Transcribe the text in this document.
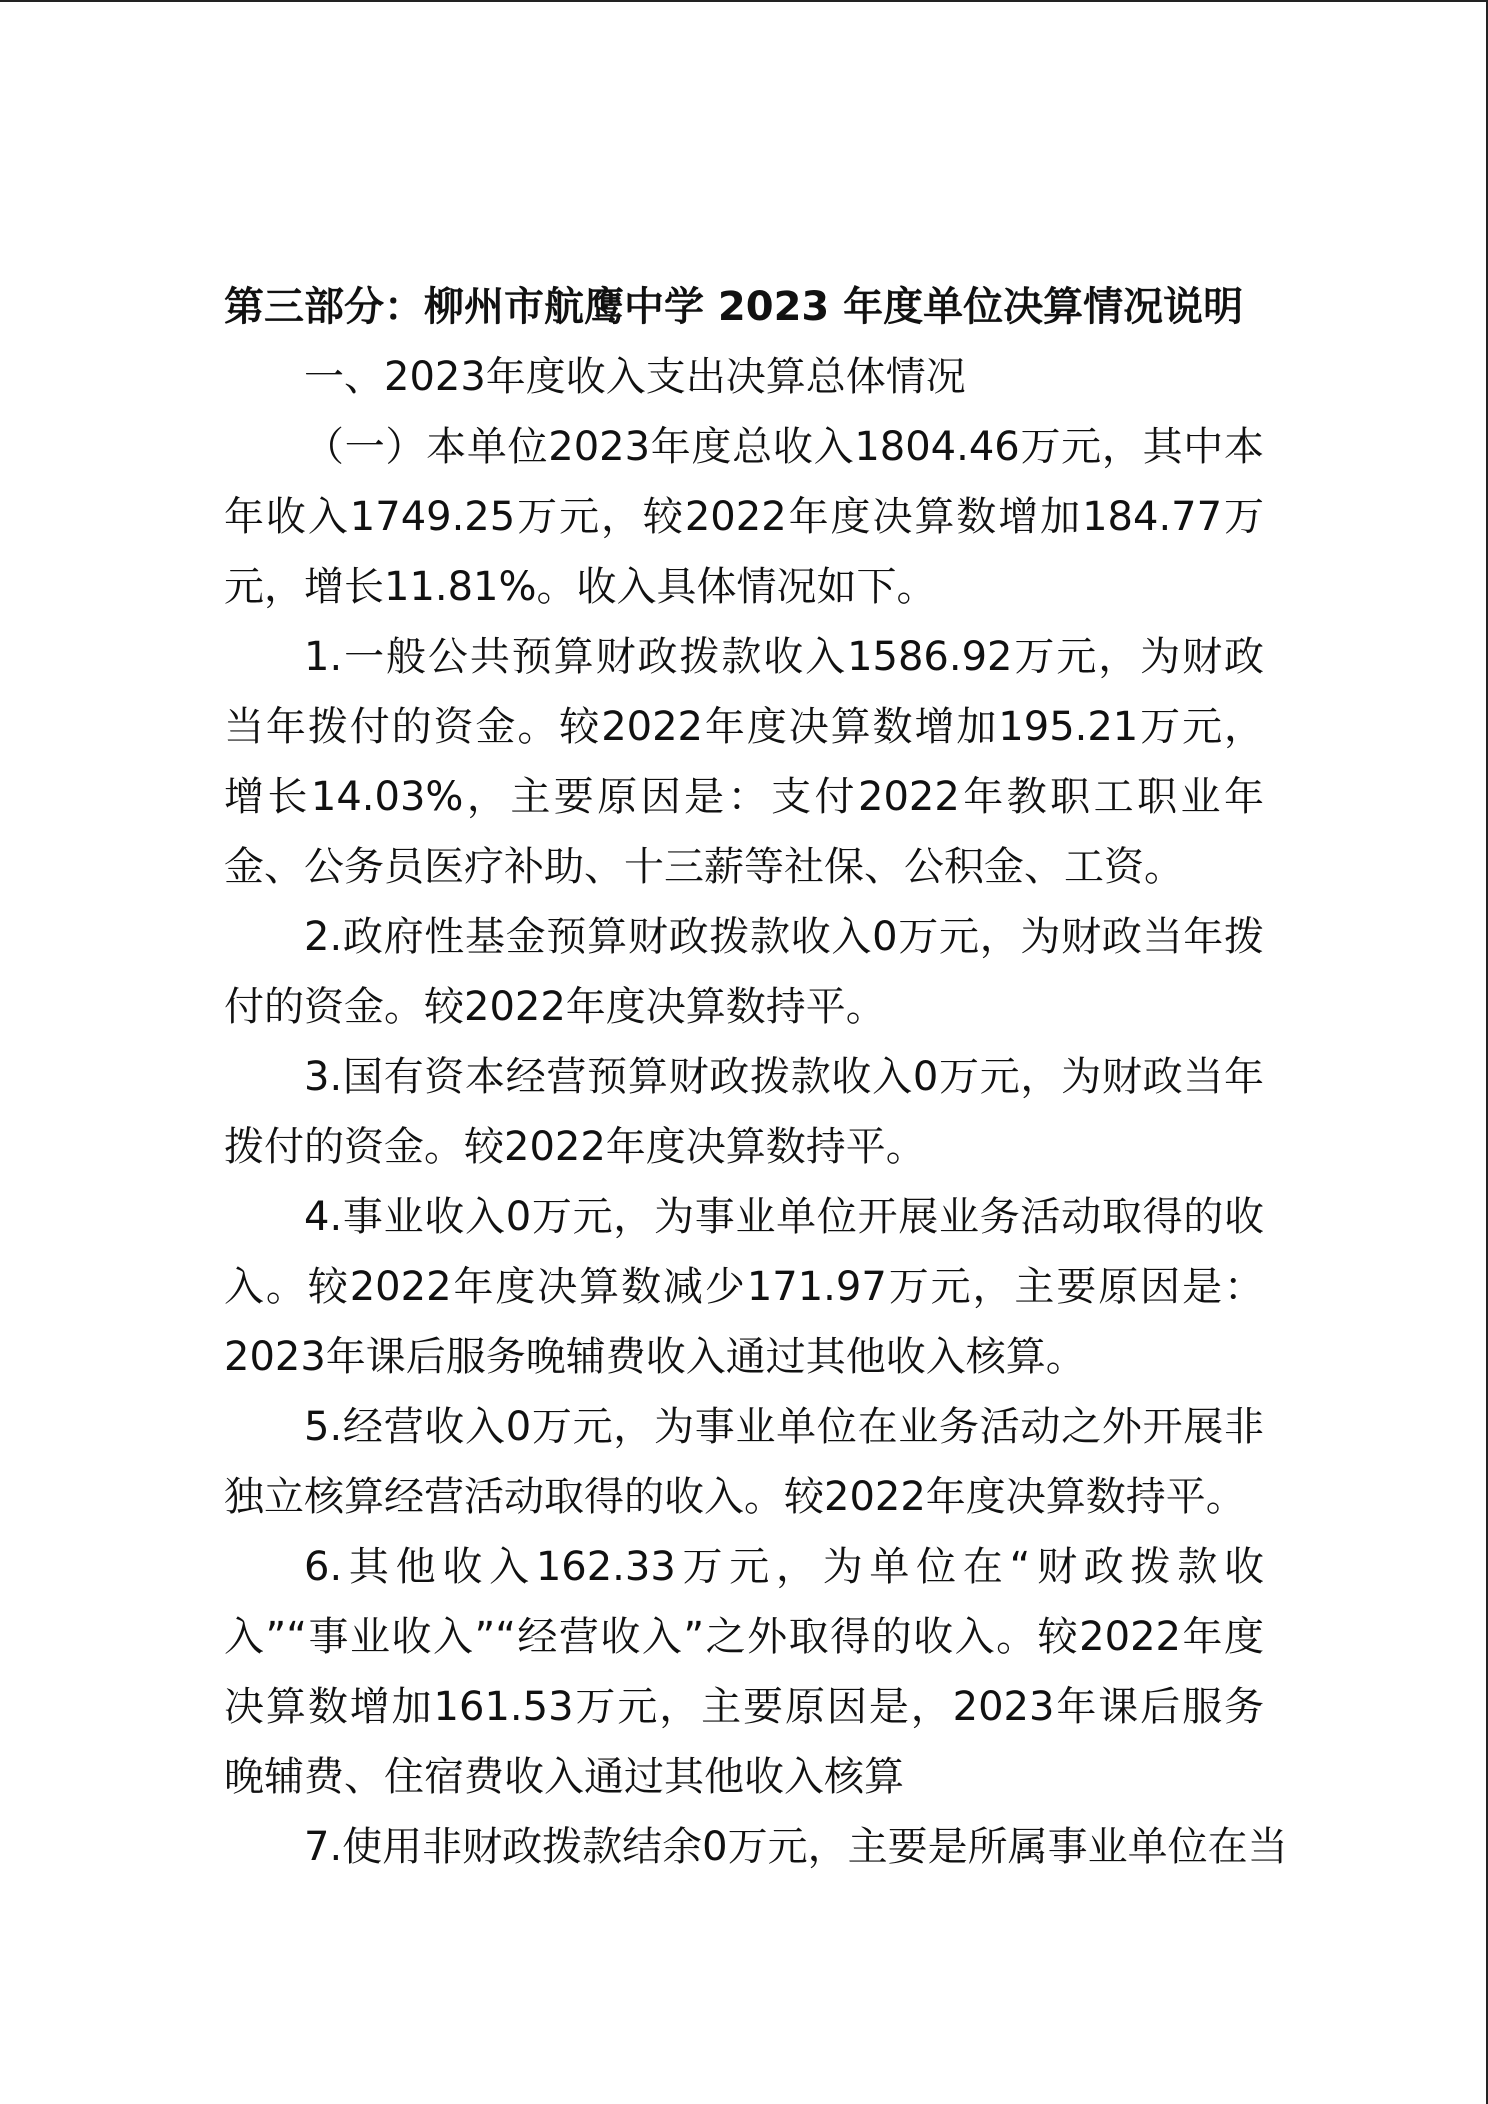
第三部分：柳州市航鹰中学 2023 年度单位决算情况说明

一、2023年度收入支出决算总体情况

（一）本单位2023年度总收入1804.46万元，其中本年收入1749.25万元，较2022年度决算数增加184.77万元，增长11.81%。收入具体情况如下。

1.一般公共预算财政拨款收入1586.92万元，为财政当年拨付的资金。较2022年度决算数增加195.21万元，增长14.03%，主要原因是：支付2022年教职工职业年金、公务员医疗补助、十三薪等社保、公积金、工资。

2.政府性基金预算财政拨款收入0万元，为财政当年拨付的资金。较2022年度决算数持平。

3.国有资本经营预算财政拨款收入0万元，为财政当年拨付的资金。较2022年度决算数持平。

4.事业收入0万元，为事业单位开展业务活动取得的收入。较2022年度决算数减少171.97万元，主要原因是：2023年课后服务晚辅费收入通过其他收入核算。

5.经营收入0万元，为事业单位在业务活动之外开展非独立核算经营活动取得的收入。较2022年度决算数持平。

6.其他收入162.33万元，为单位在“财政拨款收入”“事业收入”“经营收入”之外取得的收入。较2022年度决算数增加161.53万元，主要原因是，2023年课后服务晚辅费、住宿费收入通过其他收入核算

7.使用非财政拨款结余0万元，主要是所属事业单位在当
